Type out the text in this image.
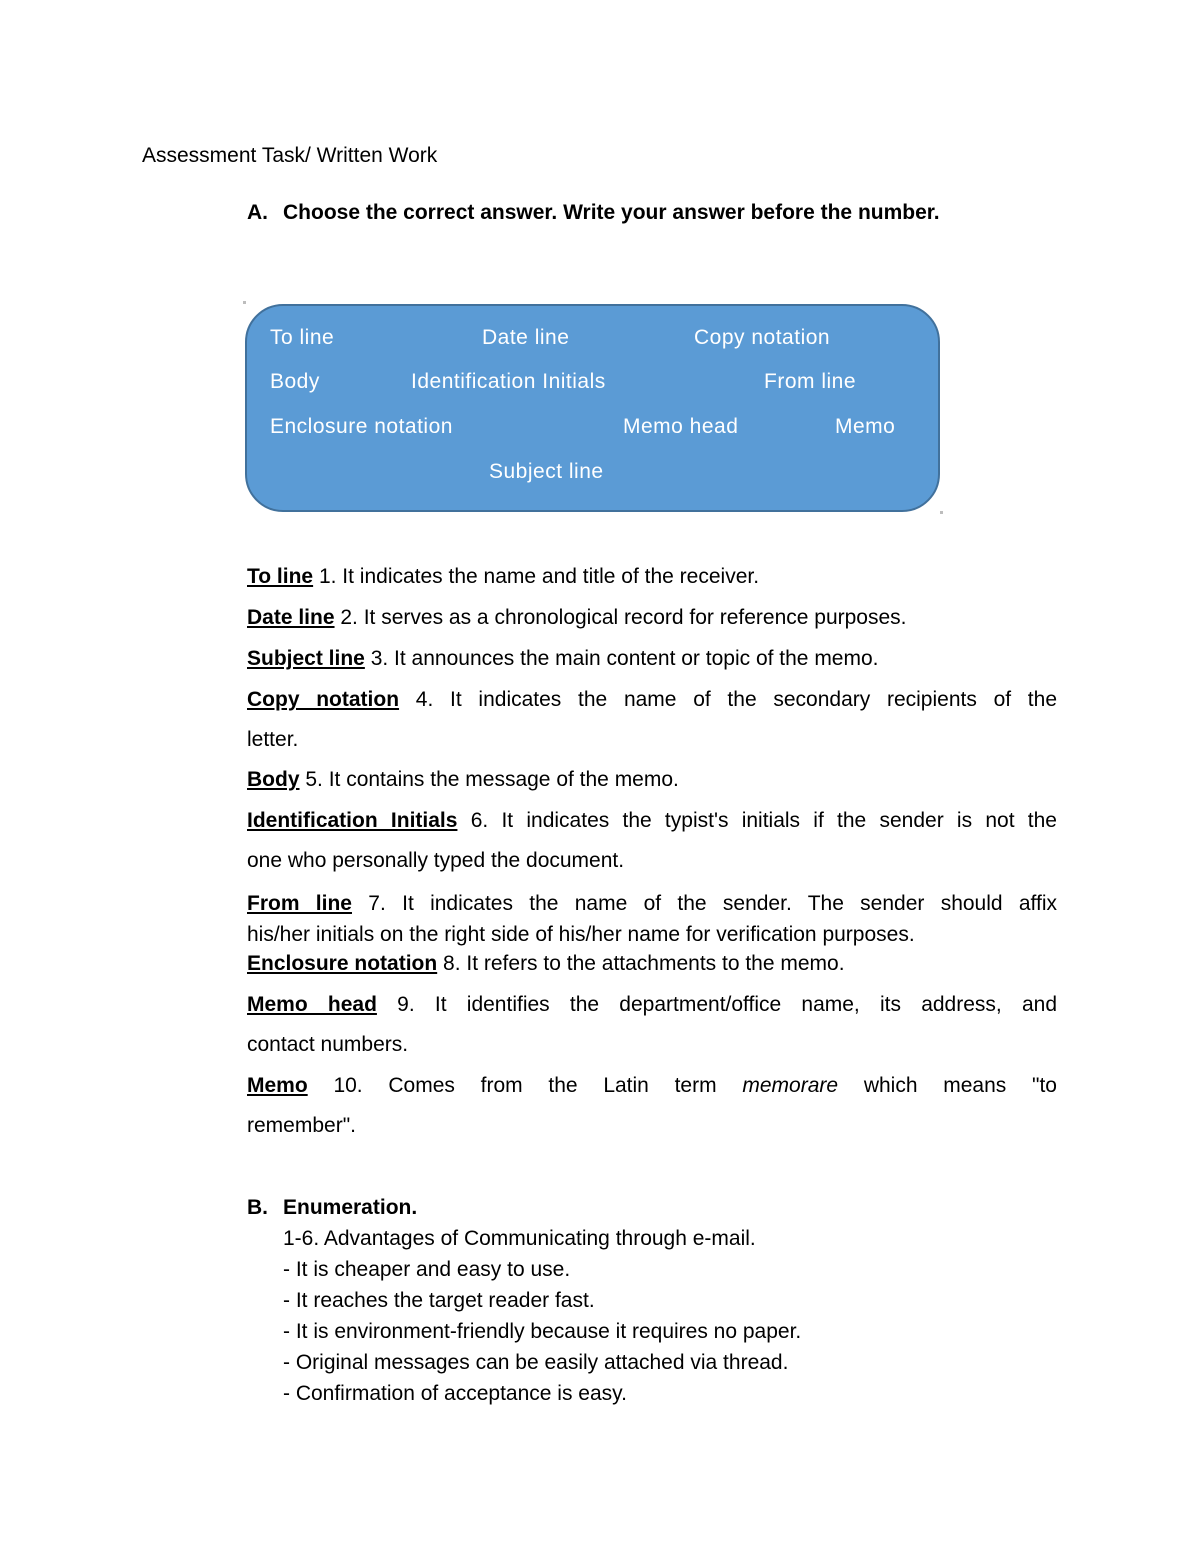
Assessment Task/ Written Work
A. Choose the correct answer. Write your answer before the number.
To line	Date line	Copy notation
Body	Identification Initials	From line
Enclosure notation	Memo head	Memo
Subject line
To line 1. It indicates the name and title of the receiver.
Date line 2. It serves as a chronological record for reference purposes.
Subject line 3. It announces the main content or topic of the memo.
Copy notation 4. It indicates the name of the secondary recipients of the
letter.
Body 5. It contains the message of the memo.
Identification Initials 6. It indicates the typist's initials if the sender is not the
one who personally typed the document.
From line 7. It indicates the name of the sender. The sender should affix
his/her initials on the right side of his/her name for verification purposes.
Enclosure notation 8. It refers to the attachments to the memo.
Memo head 9. It identifies the department/office name, its address, and
contact numbers.
Memo 10. Comes from the Latin term memorare which means "to
remember".
B. Enumeration.
1-6. Advantages of Communicating through e-mail.
- It is cheaper and easy to use.
- It reaches the target reader fast.
- It is environment-friendly because it requires no paper.
- Original messages can be easily attached via thread.
- Confirmation of acceptance is easy.
